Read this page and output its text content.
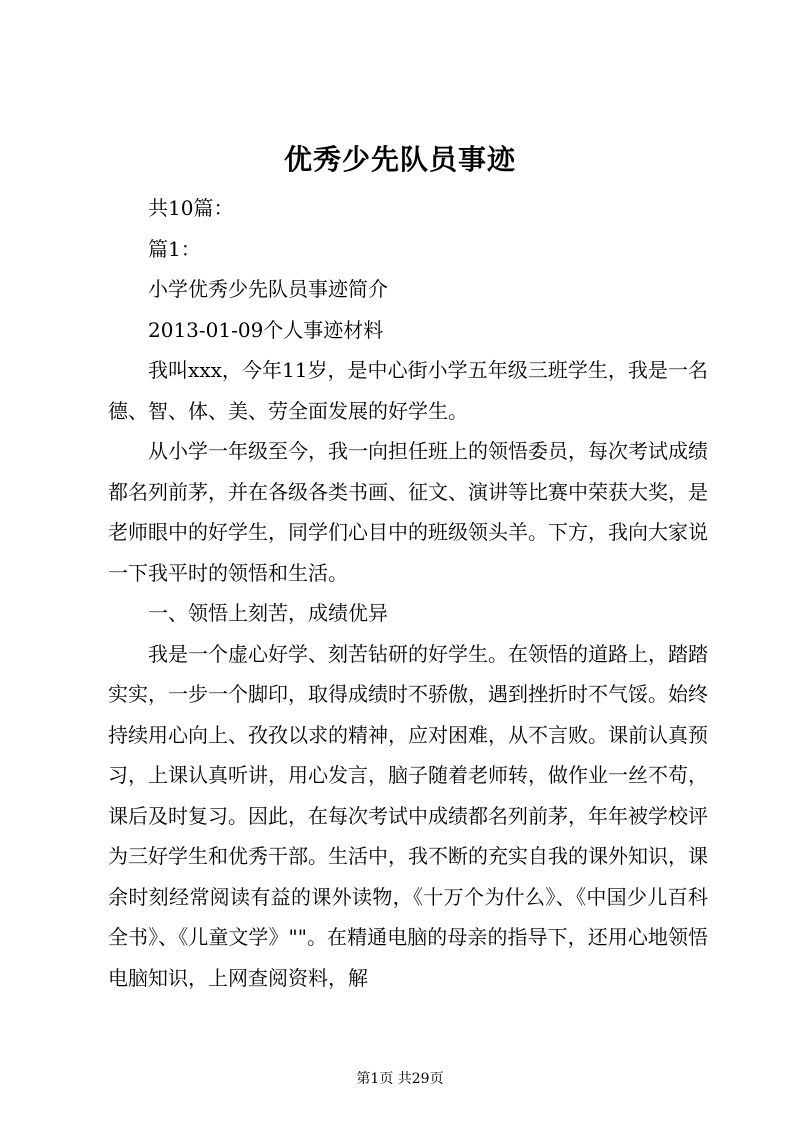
优秀少先队员事迹

共10篇：

篇1：

小学优秀少先队员事迹简介

2013-01-09个人事迹材料

我叫xxx，今年11岁，是中心街小学五年级三班学生，我是一名德、智、体、美、劳全面发展的好学生。

从小学一年级至今，我一向担任班上的领悟委员，每次考试成绩都名列前茅，并在各级各类书画、征文、演讲等比赛中荣获大奖，是老师眼中的好学生，同学们心目中的班级领头羊。下方，我向大家说一下我平时的领悟和生活。

一、领悟上刻苦，成绩优异

我是一个虚心好学、刻苦钻研的好学生。在领悟的道路上，踏踏实实，一步一个脚印，取得成绩时不骄傲，遇到挫折时不气馁。始终持续用心向上、孜孜以求的精神，应对困难，从不言败。课前认真预习，上课认真听讲，用心发言，脑子随着老师转，做作业一丝不苟，课后及时复习。因此，在每次考试中成绩都名列前茅，年年被学校评为三好学生和优秀干部。生活中，我不断的充实自我的课外知识，课余时刻经常阅读有益的课外读物，《十万个为什么》、《中国少儿百科全书》、《儿童文学》""。在精通电脑的母亲的指导下，还用心地领悟电脑知识，上网查阅资料，解

第1页 共29页
